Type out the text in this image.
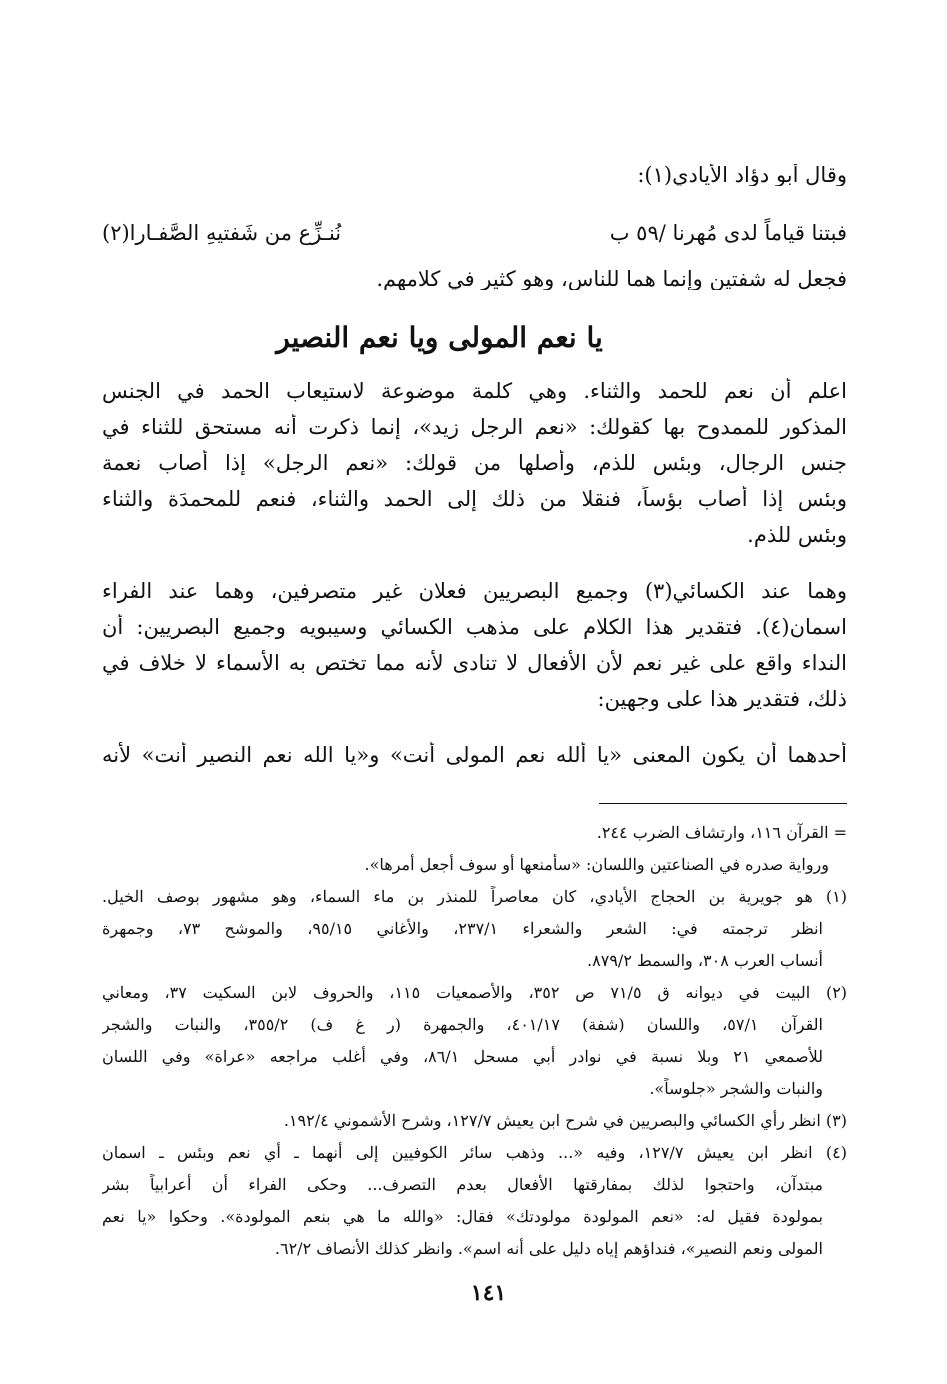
وقال أبو دؤاد الأيادي(١):
فبتنا قياماً لدى مُهرنا /٥٩ ب
نُنـزِّع من شَفتيهِ الصَّفـارا(٢)
فجعل له شفتين وإنما هما للناس، وهو كثير في كلامهم.
يا نعم المولى ويا نعم النصير
اعلم أن نعم للحمد والثناء. وهي كلمة موضوعة لاستيعاب الحمد في الجنس
المذكور للممدوح بها كقولك: «نعم الرجل زيد»، إنما ذكرت أنه مستحق للثناء في
جنس الرجال، وبئس للذم، وأصلها من قولك: «نعم الرجل» إذا أصاب نعمة
وبئس إذا أصاب بؤساً، فنقلا من ذلك إلى الحمد والثناء، فنعم للمحمدَة والثناء
وبئس للذم.
وهما عند الكسائي(٣) وجميع البصريين فعلان غير متصرفين، وهما عند الفراء
اسمان(٤). فتقدير هذا الكلام على مذهب الكسائي وسيبويه وجميع البصريين: أن
النداء واقع على غير نعم لأن الأفعال لا تنادى لأنه مما تختص به الأسماء لا خلاف في
ذلك، فتقدير هذا على وجهين:
أحدهما أن يكون المعنى «يا ألله نعم المولى أنت» و«يا الله نعم النصير أنت» لأنه
= القرآن ١١٦، وارتشاف الضرب ٢٤٤.
ورواية صدره في الصناعتين واللسان: «سأمنعها أو سوف أجعل أمرها».
(١) هو جويرية بن الحجاج الأيادي، كان معاصراً للمنذر بن ماء السماء، وهو مشهور بوصف الخيل.
انظر ترجمته في: الشعر والشعراء ٢٣٧/١، والأغاني ٩٥/١٥، والموشح ٧٣، وجمهرة
أنساب العرب ٣٠٨، والسمط ٨٧٩/٢.
(٢) البيت في ديوانه ق ٧١/٥ ص ٣٥٢، والأصمعيات ١١٥، والحروف لابن السكيت ٣٧، ومعاني
القرآن ٥٧/١، واللسان (شفة) ٤٠١/١٧، والجمهرة (ر غ ف) ٣٥٥/٢، والنبات والشجر
للأصمعي ٢١ وبلا نسبة في نوادر أبي مسحل ٨٦/١، وفي أغلب مراجعه «عراة» وفي اللسان
والنبات والشجر «جلوساً».
(٣) انظر رأي الكسائي والبصريين في شرح ابن يعيش ١٢٧/٧، وشرح الأشموني ١٩٢/٤.
(٤) انظر ابن يعيش ١٢٧/٧، وفيه «... وذهب سائر الكوفيين إلى أنهما ـ أي نعم وبئس ـ اسمان
مبتدآن، واحتجوا لذلك بمفارقتها الأفعال بعدم التصرف... وحكى الفراء أن أعرابياً بشر
بمولودة فقيل له: «نعم المولودة مولودتك» فقال: «والله ما هي بنعم المولودة». وحكوا «يا نعم
المولى ونعم النصير»، فنداؤهم إياه دليل على أنه اسم». وانظر كذلك الأنصاف ٦٢/٢.
١٤١
